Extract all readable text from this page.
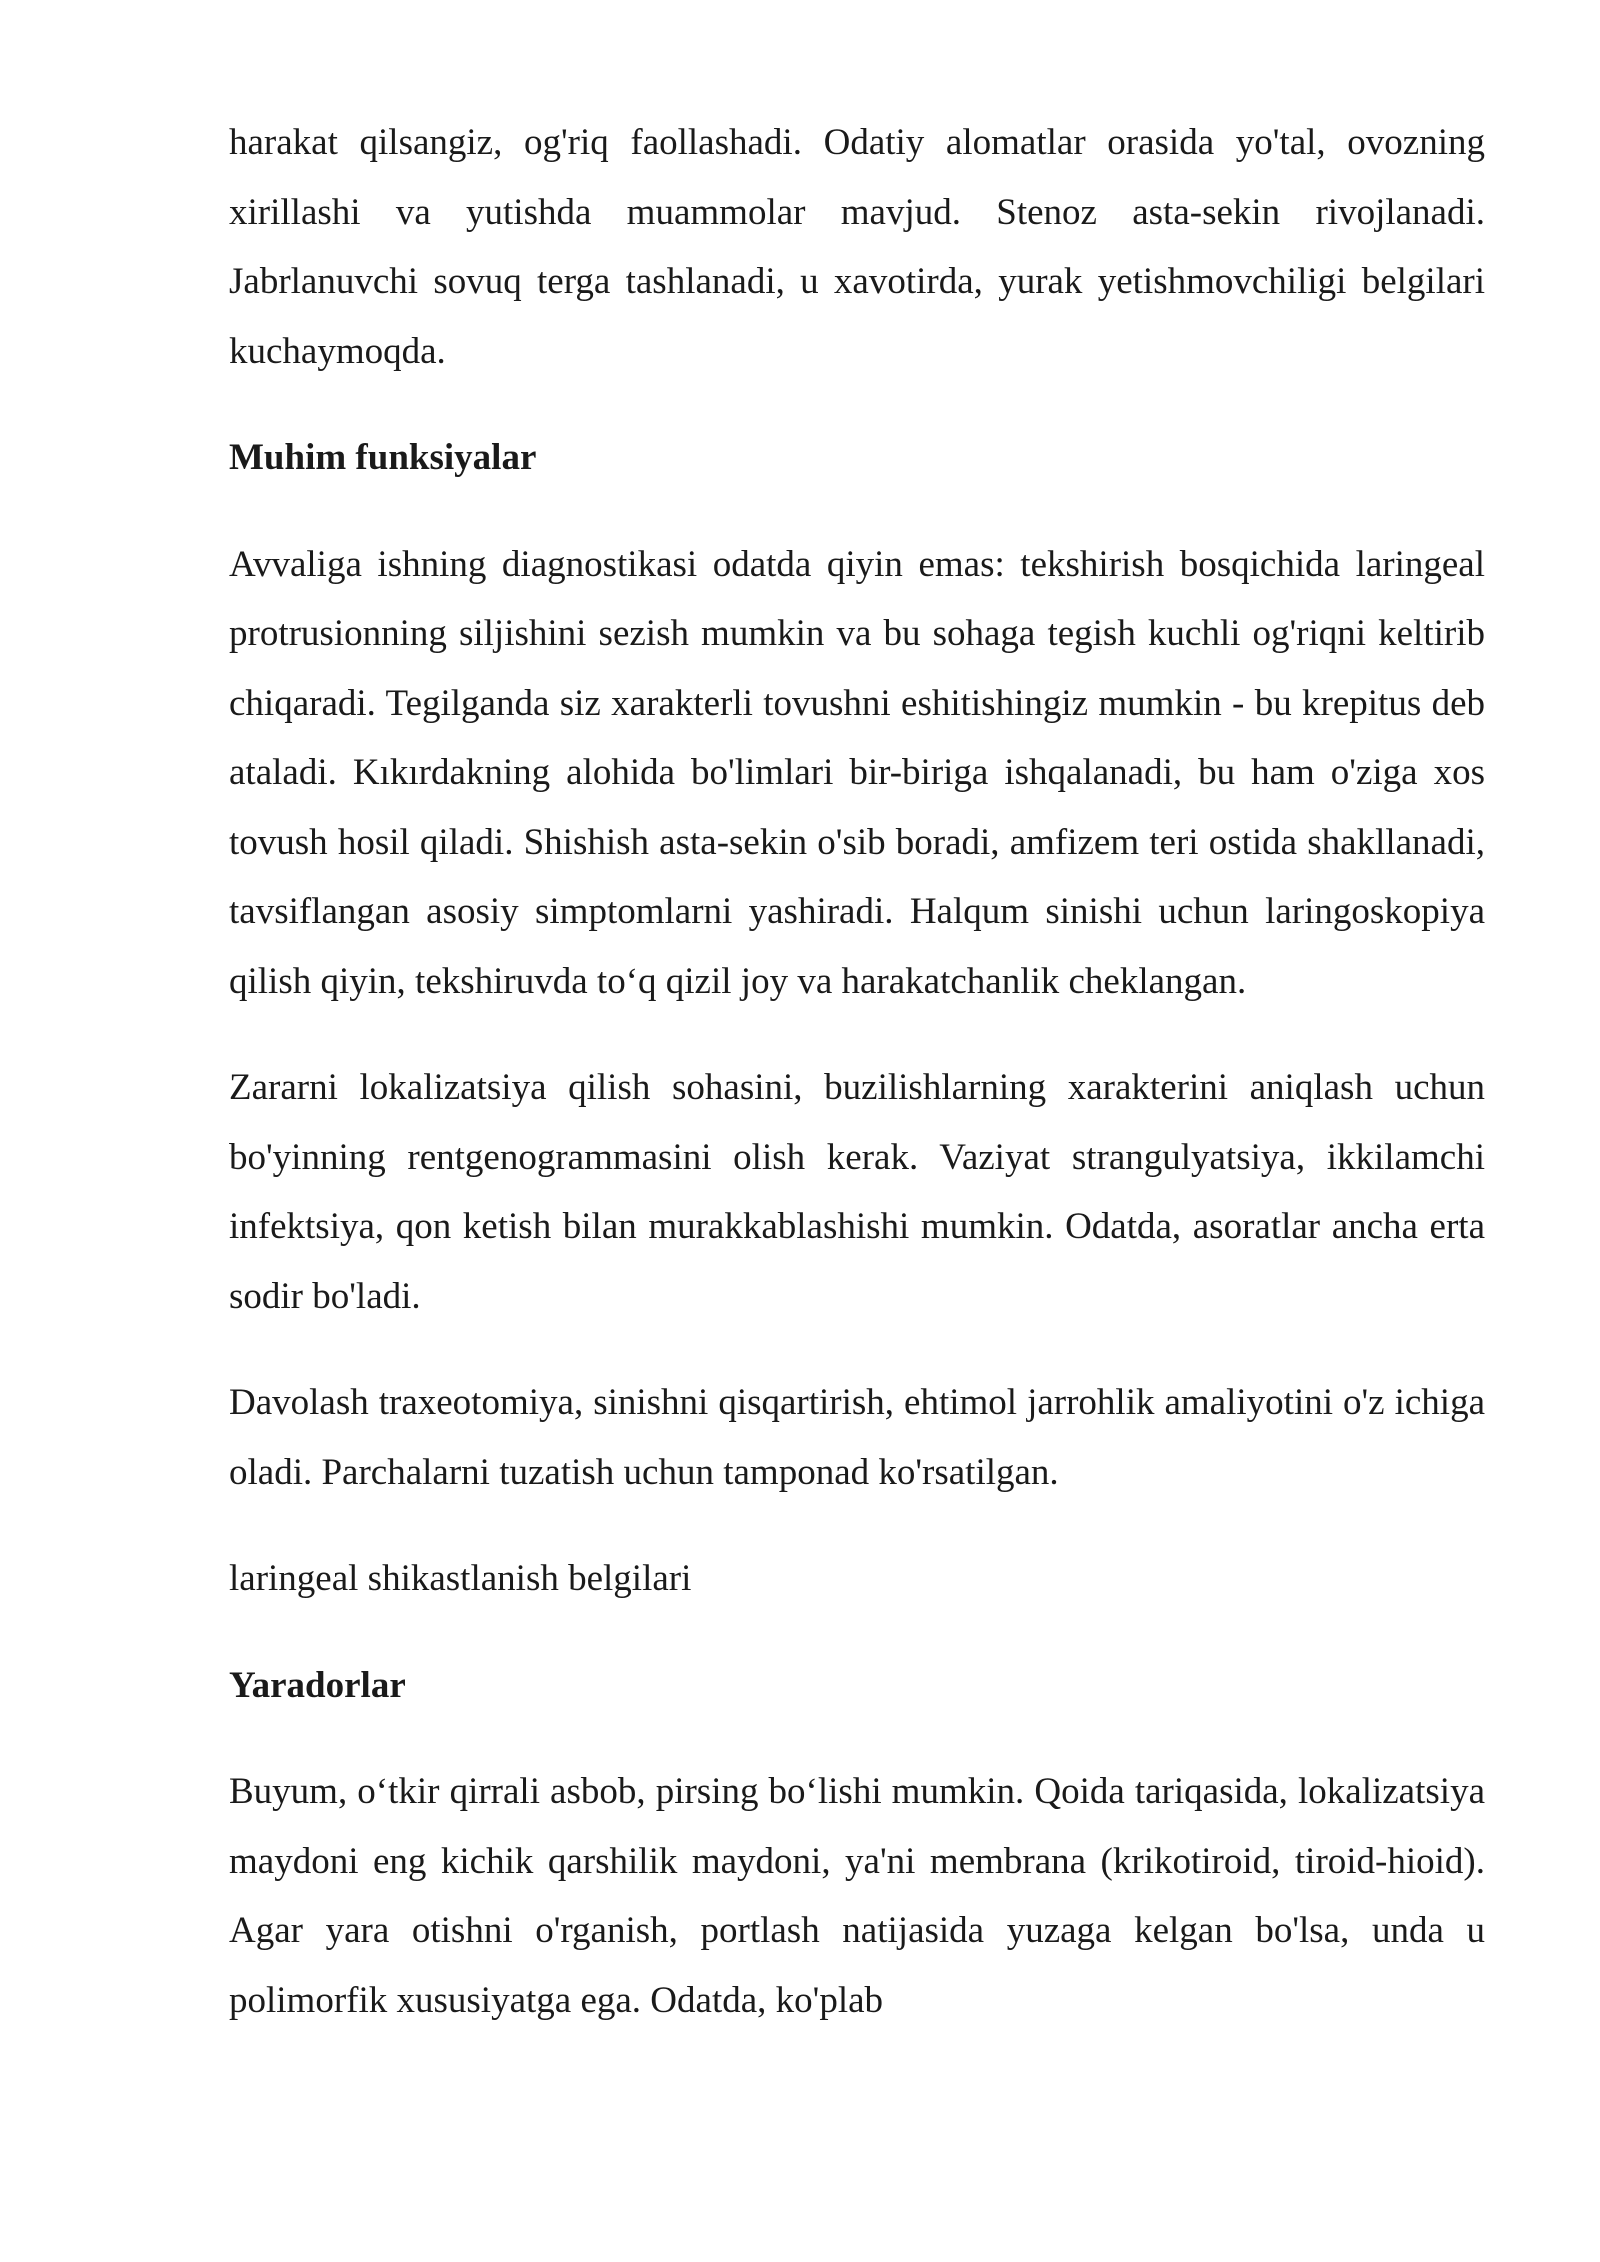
harakat qilsangiz, og'riq faollashadi. Odatiy alomatlar orasida yo'tal, ovozning xirillashi va yutishda muammolar mavjud. Stenoz asta-sekin rivojlanadi. Jabrlanuvchi sovuq terga tashlanadi, u xavotirda, yurak yetishmovchiligi belgilari kuchaymoqda.

Muhim funksiyalar

Avvaliga ishning diagnostikasi odatda qiyin emas: tekshirish bosqichida laringeal protrusionning siljishini sezish mumkin va bu sohaga tegish kuchli og'riqni keltirib chiqaradi. Tegilganda siz xarakterli tovushni eshitishingiz mumkin - bu krepitus deb ataladi. Kıkırdakning alohida bo'limlari bir-biriga ishqalanadi, bu ham o'ziga xos tovush hosil qiladi. Shishish asta-sekin o'sib boradi, amfizem teri ostida shakllanadi, tavsiflangan asosiy simptomlarni yashiradi. Halqum sinishi uchun laringoskopiya qilish qiyin, tekshiruvda to‘q qizil joy va harakatchanlik cheklangan.

Zararni lokalizatsiya qilish sohasini, buzilishlarning xarakterini aniqlash uchun bo'yinning rentgenogrammasini olish kerak. Vaziyat strangulyatsiya, ikkilamchi infektsiya, qon ketish bilan murakkablashishi mumkin. Odatda, asoratlar ancha erta sodir bo'ladi.

Davolash traxeotomiya, sinishni qisqartirish, ehtimol jarrohlik amaliyotini o'z ichiga oladi. Parchalarni tuzatish uchun tamponad ko'rsatilgan.

laringeal shikastlanish belgilari

Yaradorlar

Buyum, o‘tkir qirrali asbob, pirsing bo‘lishi mumkin. Qoida tariqasida, lokalizatsiya maydoni eng kichik qarshilik maydoni, ya'ni membrana (krikotiroid, tiroid-hioid). Agar yara otishni o'rganish, portlash natijasida yuzaga kelgan bo'lsa, unda u polimorfik xususiyatga ega. Odatda, ko'plab
